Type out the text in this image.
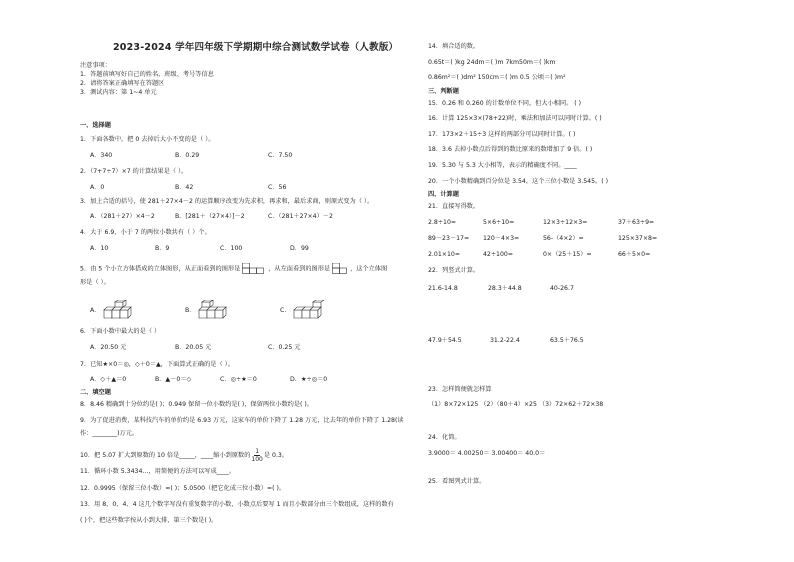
2023-2024 学年四年级下学期期中综合测试数学试卷（人教版）
注意事项：
1．答题前填写好自己的姓名、班级、考号等信息
2．请将答案正确填写在答题区
3．测试内容：第 1~4 单元
一、选择题
1．下面各数中，把 0 去掉后大小不变的是（ ）。
A．340	B．0.29	C．7.50
2．（7+7÷7）×7 的计算结果是（ ）。
A．0	B．42	C．56
3．加上合适的括号，使 281＋27×4－2 的运算顺序改变为先求积，再求和，最后求商，则原式变为（ ）。
A．（281＋27）×4－2	B．[281＋（27×4）]－2	C．（281＋27×4）－2
4．大于 6.9，小于 7 的两位小数共有（ ）个。
A．10	B．9	C．100	D．99
5．由 5 个小立方体搭成的立体图形，从正面看到的图形是	，从左面看到的图形是	，这个立体图
形是（ ）。
A．	B．	C．
6．下面小数中最大的是（ ）
A．20.50 元	B．20.05 元	C．0.25 元
7．已知★×0＝◎，◇＋0＝▲，下面算式正确的是（ ）。
A．◇＋▲＝0	B．▲－0＝◇	C．◎÷★＝0	D．★÷◎＝0
二、填空题
8．8.46 精确到十分位约是( )；0.949 保留一位小数约是( )，保留两位小数约是( )。
9．为了促进消费，某科技汽车的单价约是 6.93 万元，这家车的单价下降了 1.28 万元，比去年的单价下降了 1.28(读
作：________)万元。
10．把 5.07 扩大到原数的 10 倍是_____，____缩小到原数的 $\frac{1}{100}$ 是 0.3。
11．循环小数 5.3434…，用简便的方法可以写成____。
12．0.9995（保留三位小数）≈( )；5.0500（把它化成三位小数）=( )。
13．用 8、0、4、4 这几个数字写没有重复数字的小数，小数点后要写 1 而且小数部分由三个数组成，这样的数有
( )个，把这些数字按从小到大排，第三个数是( )。
14．填合适的数。
0.65t＝( )kg 24dm＝( )m 7km50m＝( )km
0.86m²＝( )dm² 150cm＝( )m 0.5 公顷＝( )m²
三、判断题
15．0.26 和 0.260 的计数单位不同，但大小相同。 ( )
16．计算 125×3×(78+22)时，乘法和加法可以同时计算。( )
17．173×2＋15÷3 这样的两部分可以同时计算。( )
18．3.6 去掉小数点后得到的数比原来的数增加了 9 倍。( )
19．5.30 与 5.3 大小相等，表示的精确度不同。____
20．一个小数精确到百分位是 3.54，这个三位小数是 3.545。( )
四、计算题
21．直接写得数。
2.8÷10=	5×6÷10=	12×3÷12×3=	37＋63÷9=
89－23－17= 120－4×3=	56-（4×2）=	125×37×8=
2.01×10=	42÷100=	0×（25＋15）=	66＋5×0=
22．列竖式计算。
21.6-14.8	28.3＋44.8	40-26.7
47.9＋54.5	31.2-22.4	63.5＋76.5
23．怎样简便就怎样算
（1）8×72×125 （2）（80＋4）×25 （3）72×62＋72×38
24．化简。
3.9000＝ 4.00250＝ 3.00400＝ 40.0＝
25．看图列式计算。
